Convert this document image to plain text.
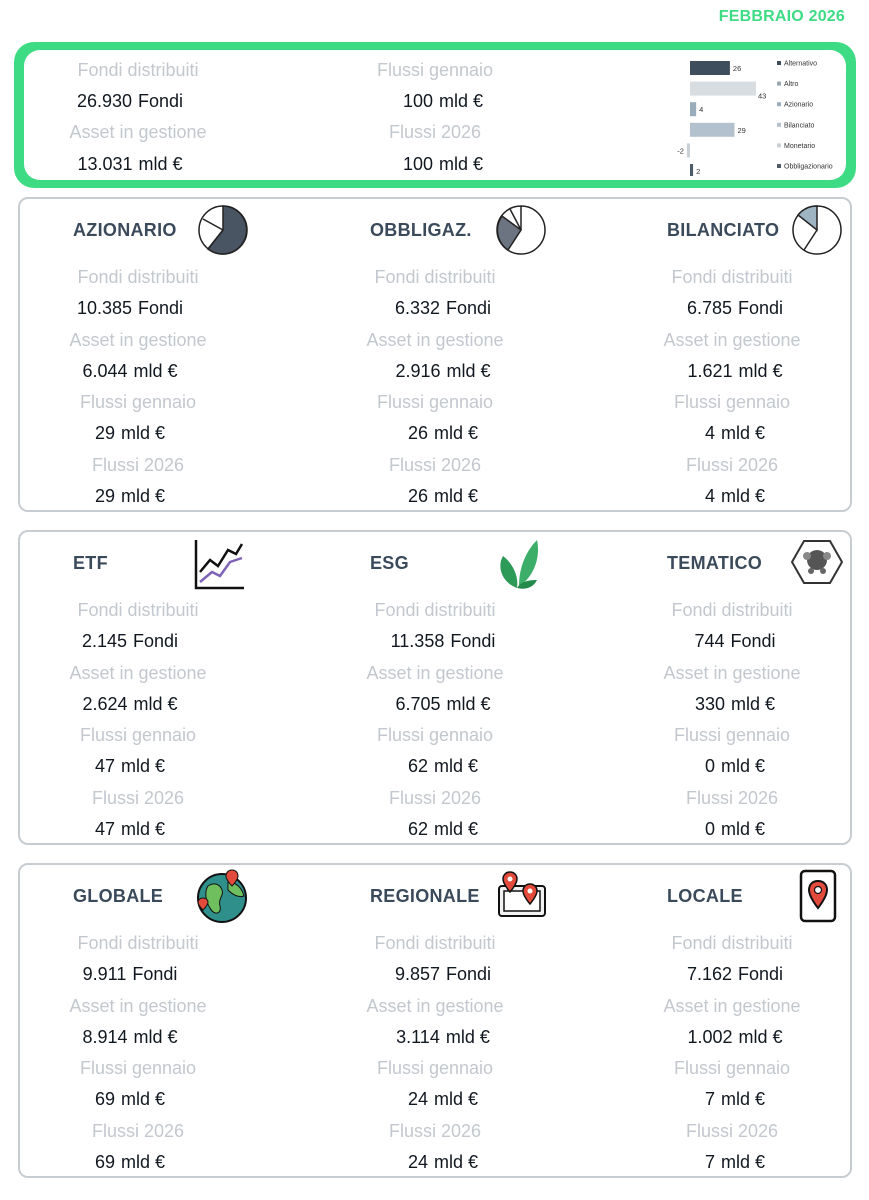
FEBBRAIO 2026
Fondi distribuiti
26.930 Fondi
Asset in gestione
13.031 mld €
Flussi gennaio
100 mld €
Flussi 2026
100 mld €
26	Alternativo
43
Altro
4	Azionario
29	Bilanciato
-2	Monetario
2	Obbligazionario
AZIONARIO
Fondi distribuiti
10.385 Fondi
Asset in gestione
6.044 mld €
Flussi gennaio
29 mld €
Flussi 2026
29 mld €
OBBLIGAZ.
Fondi distribuiti
6.332 Fondi
Asset in gestione
2.916 mld €
Flussi gennaio
26 mld €
Flussi 2026
26 mld €
BILANCIATO
Fondi distribuiti
6.785 Fondi
Asset in gestione
1.621 mld €
Flussi gennaio
4 mld €
Flussi 2026
4 mld €
ETF
Fondi distribuiti
2.145 Fondi
Asset in gestione
2.624 mld €
Flussi gennaio
47 mld €
Flussi 2026
47 mld €
ESG
Fondi distribuiti
11.358 Fondi
Asset in gestione
6.705 mld €
Flussi gennaio
62 mld €
Flussi 2026
62 mld €
TEMATICO
Fondi distribuiti
744 Fondi
Asset in gestione
330 mld €
Flussi gennaio
0 mld €
Flussi 2026
0 mld €
GLOBALE
Fondi distribuiti
9.911 Fondi
Asset in gestione
8.914 mld €
Flussi gennaio
69 mld €
Flussi 2026
69 mld €
REGIONALE
Fondi distribuiti
9.857 Fondi
Asset in gestione
3.114 mld €
Flussi gennaio
24 mld €
Flussi 2026
24 mld €
LOCALE
Fondi distribuiti
7.162 Fondi
Asset in gestione
1.002 mld €
Flussi gennaio
7 mld €
Flussi 2026
7 mld €
